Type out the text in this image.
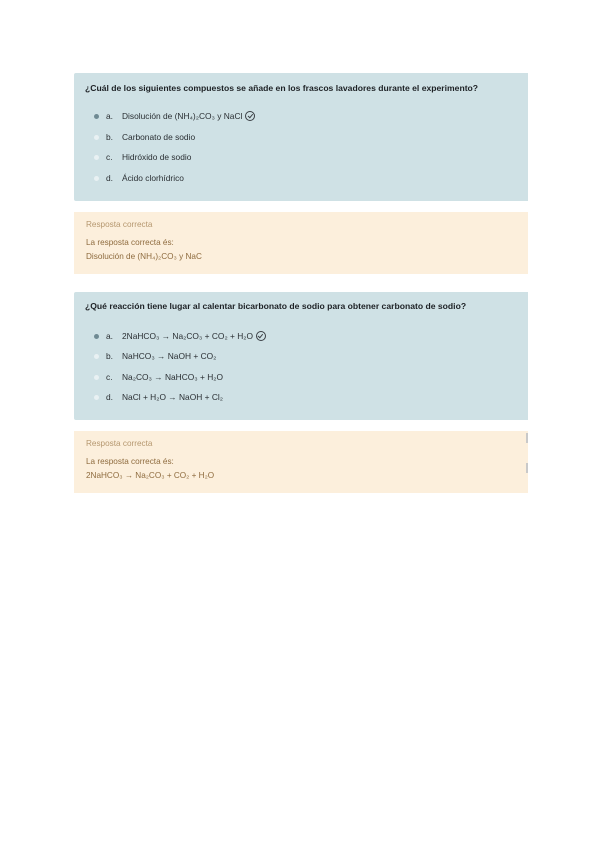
¿Cuál de los siguientes compuestos se añade en los frascos lavadores durante el experimento?
a.	Disolución de (NH₄)₂CO₃ y NaCl
b.	Carbonato de sodio
c.	Hidróxido de sodio
d.	Ácido clorhídrico
Resposta correcta
La resposta correcta és:
Disolución de (NH₄)₂CO₃ y NaC
¿Qué reacción tiene lugar al calentar bicarbonato de sodio para obtener carbonato de sodio?
a.	2NaHCO₃ → Na₂CO₃ + CO₂ + H₂O
b.	NaHCO₃ → NaOH + CO₂
c.	Na₂CO₃ → NaHCO₃ + H₂O
d.	NaCl + H₂O → NaOH + Cl₂
Resposta correcta
La resposta correcta és:
2NaHCO₃ → Na₂CO₃ + CO₂ + H₂O
